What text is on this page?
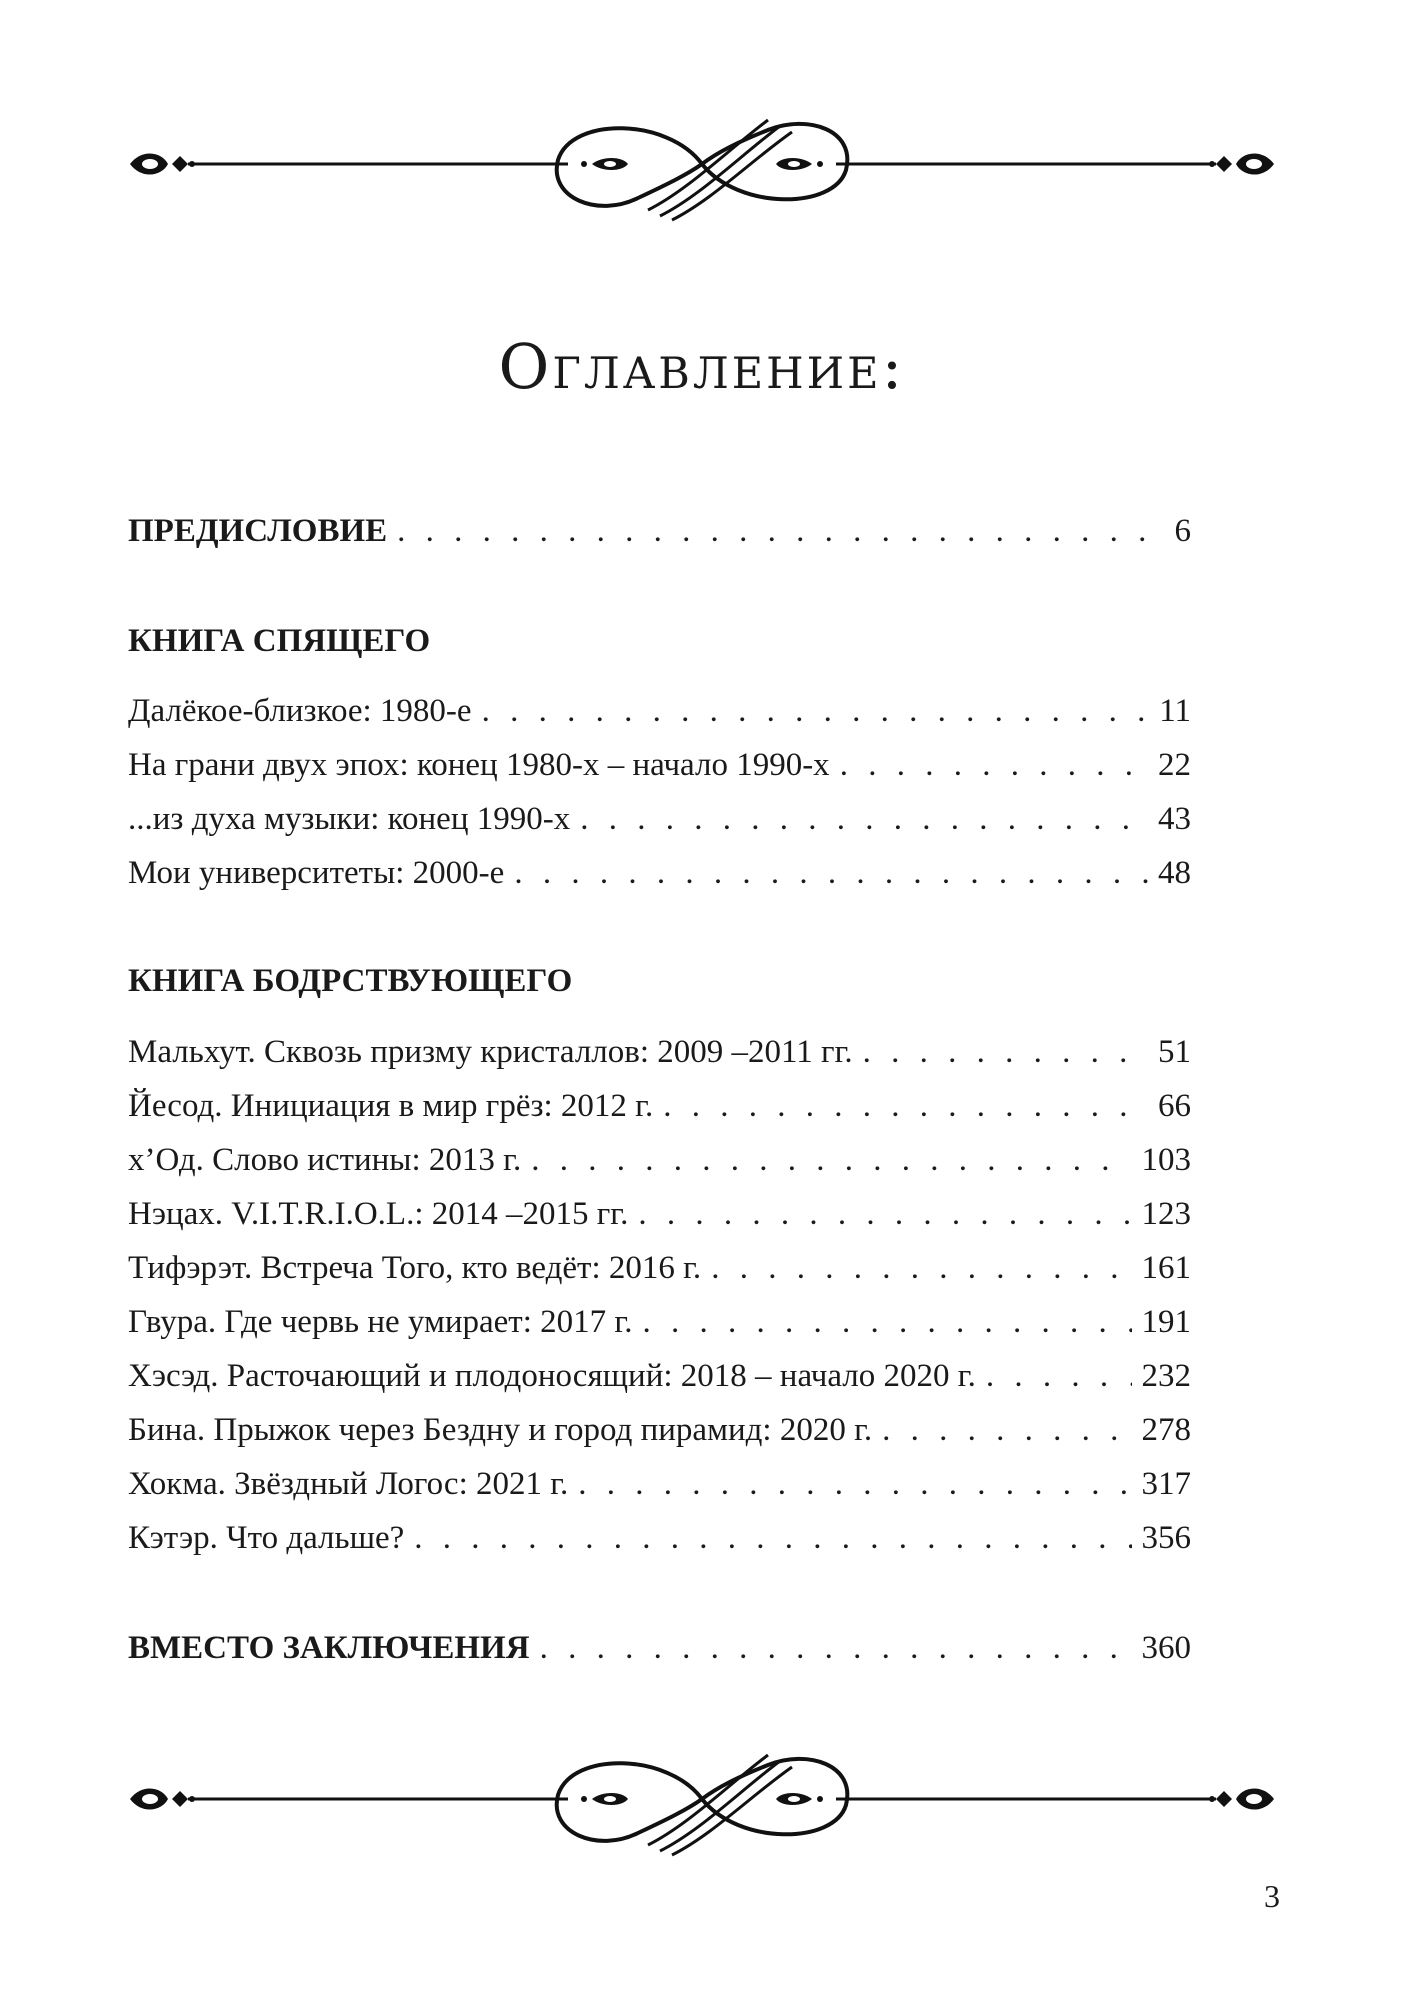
Оглавление:
ПРЕДИСЛОВИЕ . . .	6
КНИГА СПЯЩЕГО
Далёкое-близкое: 1980-е . . .	11
На грани двух эпох: конец 1980-х – начало 1990-х . . .	22
...из духа музыки: конец 1990-х . . .	43
Мои университеты: 2000-е . . .	48
КНИГА БОДРСТВУЮЩЕГО
Мальхут. Сквозь призму кристаллов: 2009 –2011 гг. . . .	51
Йесод. Инициация в мир грёз: 2012 г. . . .	66
х’Од. Слово истины: 2013 г. . . .	103
Нэцах. V.I.T.R.I.O.L.: 2014 –2015 гг. . . .	123
Тифэрэт. Встреча Того, кто ведёт: 2016 г. . . .	161
Гвура. Где червь не умирает: 2017 г. . . .	191
Хэсэд. Расточающий и плодоносящий: 2018 – начало 2020 г. . . .	232
Бина. Прыжок через Бездну и город пирамид: 2020 г. . . .	278
Хокма. Звёздный Логос: 2021 г. . . .	317
Кэтэр. Что дальше? . . .	356
ВМЕСТО ЗАКЛЮЧЕНИЯ . . .	360
3
